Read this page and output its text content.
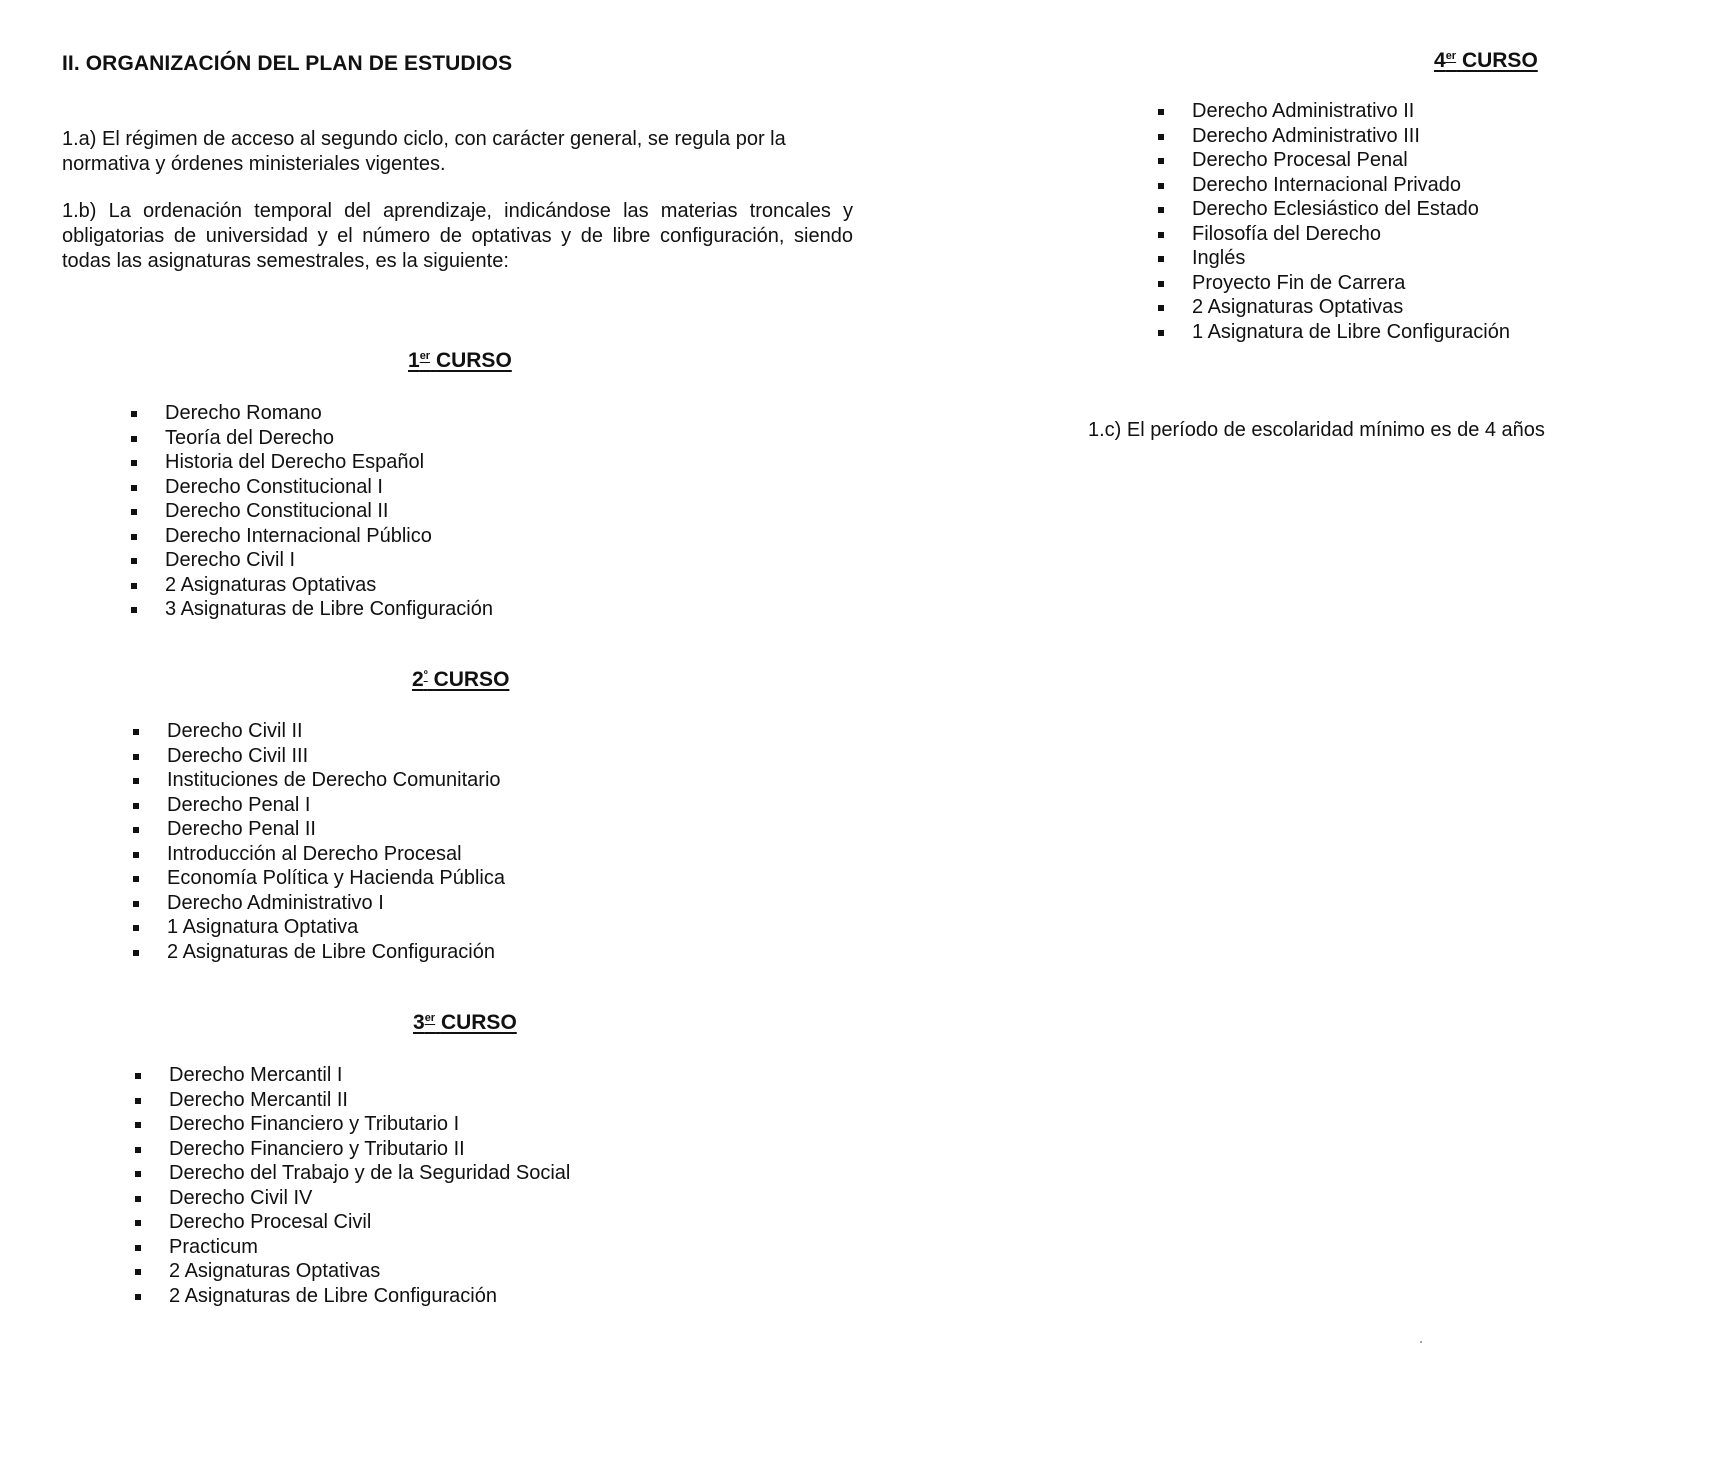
II. ORGANIZACIÓN DEL PLAN DE ESTUDIOS

1.a) El régimen de acceso al segundo ciclo, con carácter general, se regula por la normativa y órdenes ministeriales vigentes.

1.b) La ordenación temporal del aprendizaje, indicándose las materias troncales y obligatorias de universidad y el número de optativas y de libre configuración, siendo todas las asignaturas semestrales, es la siguiente:

1er CURSO
Derecho Romano
Teoría del Derecho
Historia del Derecho Español
Derecho Constitucional I
Derecho Constitucional II
Derecho Internacional Público
Derecho Civil I
2 Asignaturas Optativas
3 Asignaturas de Libre Configuración
$2^º$ CURSO
Derecho Civil II
Derecho Civil III
Instituciones de Derecho Comunitario
Derecho Penal I
Derecho Penal II
Introducción al Derecho Procesal
Economía Política y Hacienda Pública
Derecho Administrativo I
1 Asignatura Optativa
2 Asignaturas de Libre Configuración
3er CURSO
Derecho Mercantil I
Derecho Mercantil II
Derecho Financiero y Tributario I
Derecho Financiero y Tributario II
Derecho del Trabajo y de la Seguridad Social
Derecho Civil IV
Derecho Procesal Civil
Practicum
2 Asignaturas Optativas
2 Asignaturas de Libre Configuración
4er CURSO
Derecho Administrativo II
Derecho Administrativo III
Derecho Procesal Penal
Derecho Internacional Privado
Derecho Eclesiástico del Estado
Filosofía del Derecho
Inglés
Proyecto Fin de Carrera
2 Asignaturas Optativas
1 Asignatura de Libre Configuración

1.c) El período de escolaridad mínimo es de 4 años
